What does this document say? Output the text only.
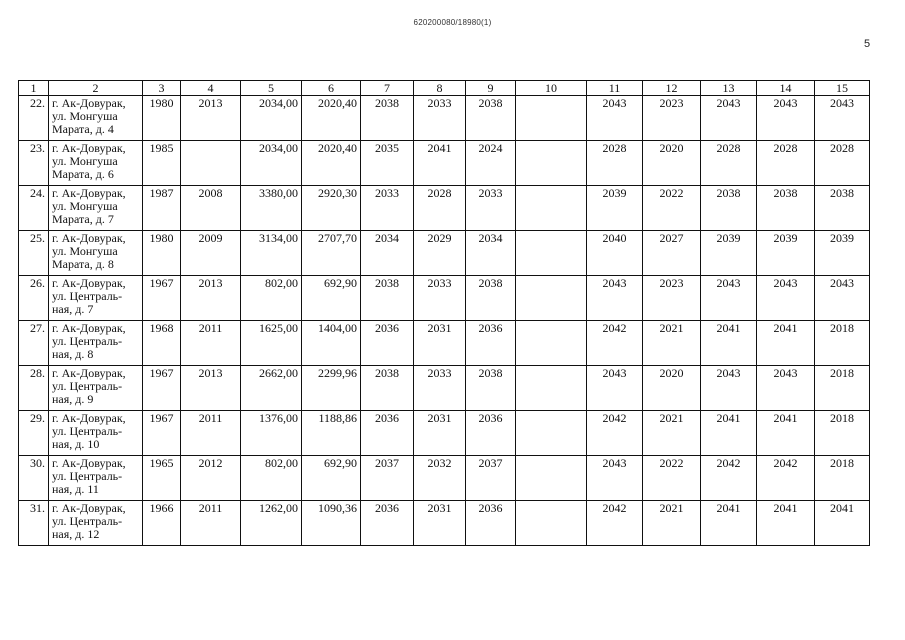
620200080/18980(1)
5
1	2	3	4	5	6	7	8	9	10	11	12	13	14	15
22.	г. Ак-Довурак,
ул. Монгуша
Марата, д. 4	1980	2013	2034,00	2020,40	2038	2033	2038		2043	2023	2043	2043	2043
23.	г. Ак-Довурак,
ул. Монгуша
Марата, д. 6	1985		2034,00	2020,40	2035	2041	2024		2028	2020	2028	2028	2028
24.	г. Ак-Довурак,
ул. Монгуша
Марата, д. 7	1987	2008	3380,00	2920,30	2033	2028	2033		2039	2022	2038	2038	2038
25.	г. Ак-Довурак,
ул. Монгуша
Марата, д. 8	1980	2009	3134,00	2707,70	2034	2029	2034		2040	2027	2039	2039	2039
26.	г. Ак-Довурак,
ул. Централь-
ная, д. 7	1967	2013	802,00	692,90	2038	2033	2038		2043	2023	2043	2043	2043
27.	г. Ак-Довурак,
ул. Централь-
ная, д. 8	1968	2011	1625,00	1404,00	2036	2031	2036		2042	2021	2041	2041	2018
28.	г. Ак-Довурак,
ул. Централь-
ная, д. 9	1967	2013	2662,00	2299,96	2038	2033	2038		2043	2020	2043	2043	2018
29.	г. Ак-Довурак,
ул. Централь-
ная, д. 10	1967	2011	1376,00	1188,86	2036	2031	2036		2042	2021	2041	2041	2018
30.	г. Ак-Довурак,
ул. Централь-
ная, д. 11	1965	2012	802,00	692,90	2037	2032	2037		2043	2022	2042	2042	2018
31.	г. Ак-Довурак,
ул. Централь-
ная, д. 12	1966	2011	1262,00	1090,36	2036	2031	2036		2042	2021	2041	2041	2041
